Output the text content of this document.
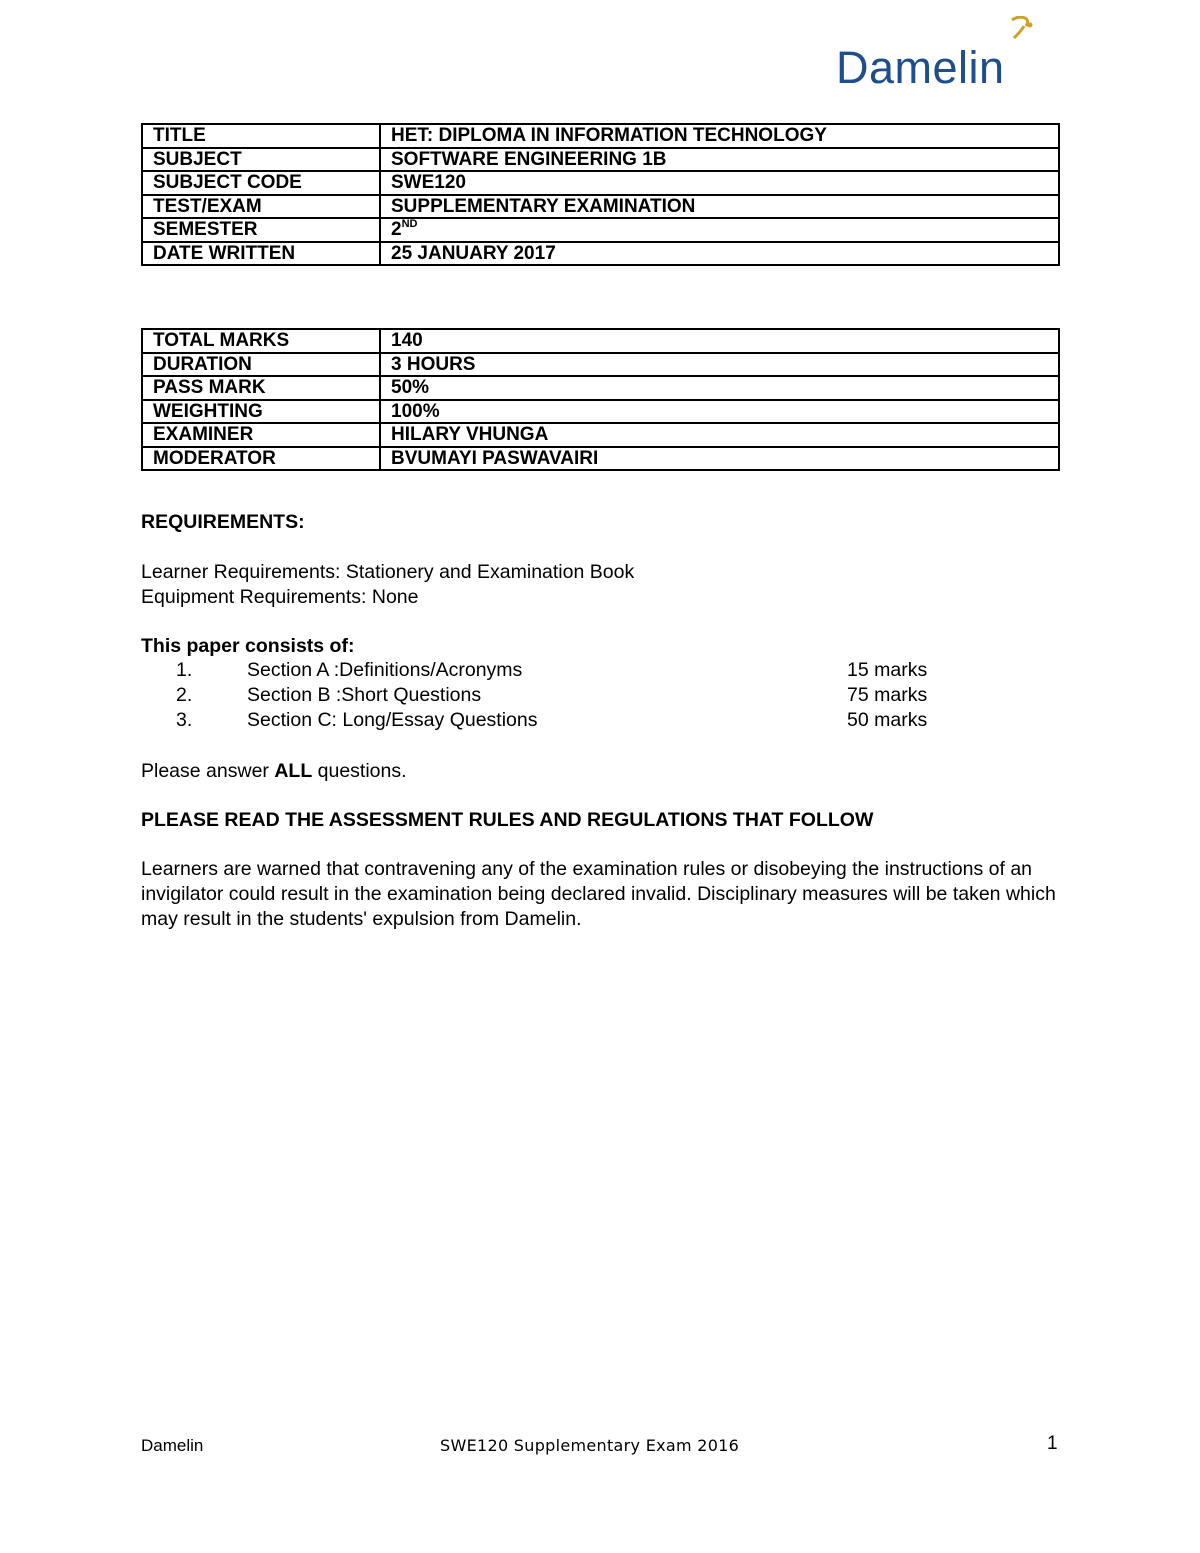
Damelin
TITLE	HET: DIPLOMA IN INFORMATION TECHNOLOGY
SUBJECT	SOFTWARE ENGINEERING 1B
SUBJECT CODE	SWE120
TEST/EXAM	SUPPLEMENTARY EXAMINATION
SEMESTER	2ND
DATE WRITTEN	25 JANUARY 2017
TOTAL MARKS	140
DURATION	3 HOURS
PASS MARK	50%
WEIGHTING	100%
EXAMINER	HILARY VHUNGA
MODERATOR	BVUMAYI PASWAVAIRI
REQUIREMENTS:
Learner Requirements: Stationery and Examination Book
Equipment Requirements: None
This paper consists of:
1.	Section A :Definitions/Acronyms	15 marks
2.	Section B :Short Questions	75 marks
3.	Section C: Long/Essay Questions	50 marks
Please answer ALL questions.
PLEASE READ THE ASSESSMENT RULES AND REGULATIONS THAT FOLLOW
Learners are warned that contravening any of the examination rules or disobeying the instructions of an invigilator could result in the examination being declared invalid. Disciplinary measures will be taken which may result in the students' expulsion from Damelin.
Damelin	SWE120 Supplementary Exam 2016	1
